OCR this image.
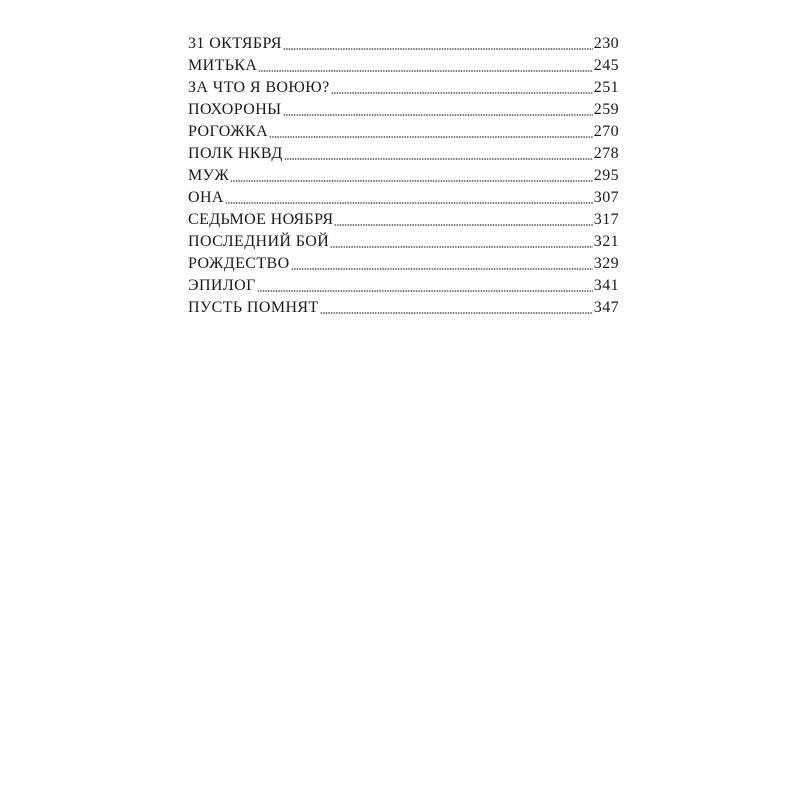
31 ОКТЯБРЯ	230
МИТЬКА	245
ЗА ЧТО Я ВОЮЮ?	251
ПОХОРОНЫ	259
РОГОЖКА	270
ПОЛК НКВД	278
МУЖ	295
ОНА	307
СЕДЬМОЕ НОЯБРЯ	317
ПОСЛЕДНИЙ БОЙ	321
РОЖДЕСТВО	329
ЭПИЛОГ	341
ПУСТЬ ПОМНЯТ	347
